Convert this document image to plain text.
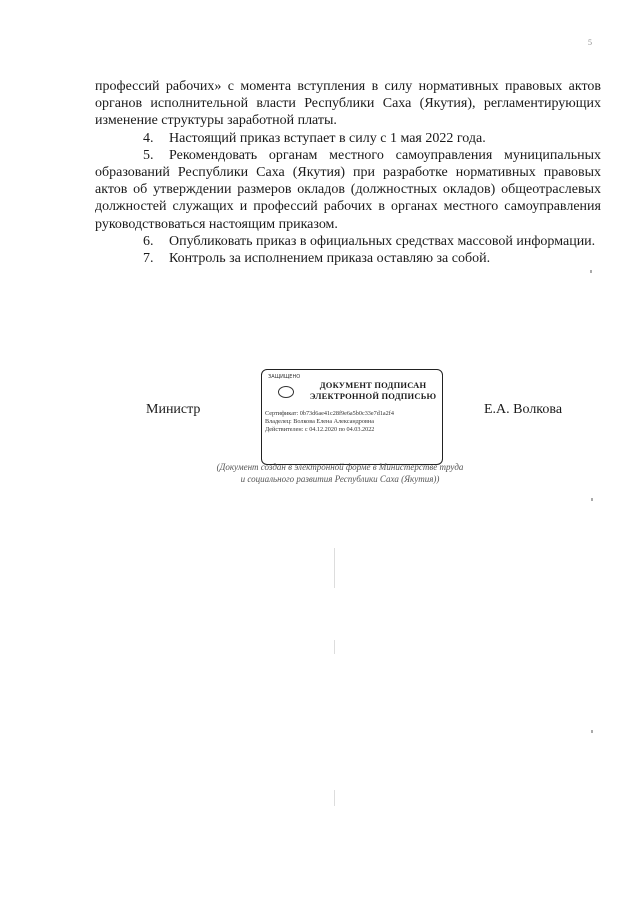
5

профессий рабочих» с момента вступления в силу нормативных правовых актов органов исполнительной власти Республики Саха (Якутия), регламентирующих изменение структуры заработной платы.

4. Настоящий приказ вступает в силу с 1 мая 2022 года.

5. Рекомендовать органам местного самоуправления муниципальных образований Республики Саха (Якутия) при разработке нормативных правовых актов об утверждении размеров окладов (должностных окладов) общеотраслевых должностей служащих и профессий рабочих в органах местного самоуправления руководствоваться настоящим приказом.

6. Опубликовать приказ в официальных средствах массовой информации.

7. Контроль за исполнением приказа оставляю за собой.

Министр	Е.А. Волкова
ЗАЩИЩЕНО
ДОКУМЕНТ ПОДПИСАН
ЭЛЕКТРОННОЙ ПОДПИСЬЮ
Сертификат: 0b73d6ae41c28f9e6a5b0c33e7d1a2f4
Владелец: Волкова Елена Александровна
Действителен: с 04.12.2020 по 04.03.2022
(Документ создан в электронной форме в Министерстве труда и социального развития Республики Саха (Якутия))
